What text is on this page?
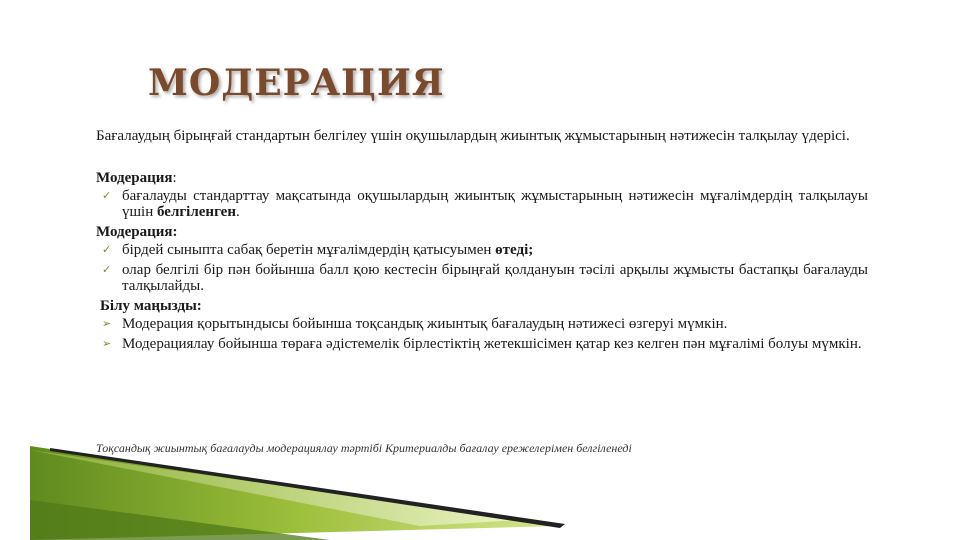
МОДЕРАЦИЯ

Бағалаудың бірыңғай стандартын белгілеу үшін оқушылардың жиынтық жұмыстарының нәтижесін талқылау үдерісі.

Модерация:
✓ бағалауды стандарттау мақсатында оқушылардың жиынтық жұмыстарының нәтижесін мұғалімдердің талқылауы үшін белгіленген.
Модерация:
✓ бірдей сыныпта сабақ беретін мұғалімдердің қатысуымен өтеді;
✓ олар белгілі бір пән бойынша балл қою кестесін бірыңғай қолдануын тәсілі арқылы жұмысты бастапқы бағалауды талқылайды.
Білу маңызды:
➢ Модерация қорытындысы бойынша тоқсандық жиынтық бағалаудың нәтижесі өзгеруі мүмкін.
➢ Модерациялау бойынша төраға әдістемелік бірлестіктің жетекшісімен қатар кез келген пән мұғалімі болуы мүмкін.
Тоқсандық жиынтық бағалауды модерациялау тәртібі Критериалды бағалау ережелерімен белгіленеді
